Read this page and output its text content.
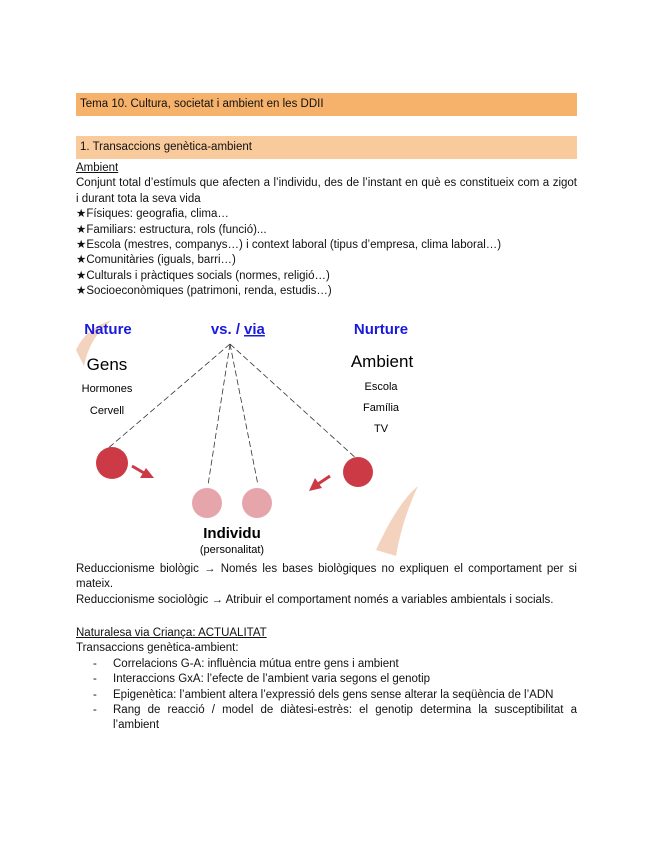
Tema 10. Cultura, societat i ambient en les DDII
1. Transaccions genètica-ambient
Ambient
Conjunt total d’estímuls que afecten a l’individu, des de l’instant en què es constitueix com a zigot i durant tota la seva vida
★ Físiques: geografia, clima…
★ Familiars: estructura, rols (funció)...
★ Escola (mestres, companys…) i context laboral (tipus d’empresa, clima laboral…)
★ Comunitàries (iguals, barri…)
★ Culturals i pràctiques socials (normes, religió…)
★ Socioeconòmiques (patrimoni, renda, estudis…)
Nature	vs. / via	Nurture
Gens
Hormones
Cervell
Ambient
Escola
Família
TV
Individu
(personalitat)
Reduccionisme biològic → Només les bases biològiques no expliquen el comportament per si mateix.
Reduccionisme sociològic → Atribuir el comportament només a variables ambientals i socials.
Naturalesa via Criança: ACTUALITAT
Transaccions genètica-ambient:
- Correlacions G-A: influència mútua entre gens i ambient
- Interaccions GxA: l’efecte de l’ambient varia segons el genotip
- Epigenètica: l’ambient altera l’expressió dels gens sense alterar la seqüència de l’ADN
- Rang de reacció / model de diàtesi-estrès: el genotip determina la susceptibilitat a l’ambient
